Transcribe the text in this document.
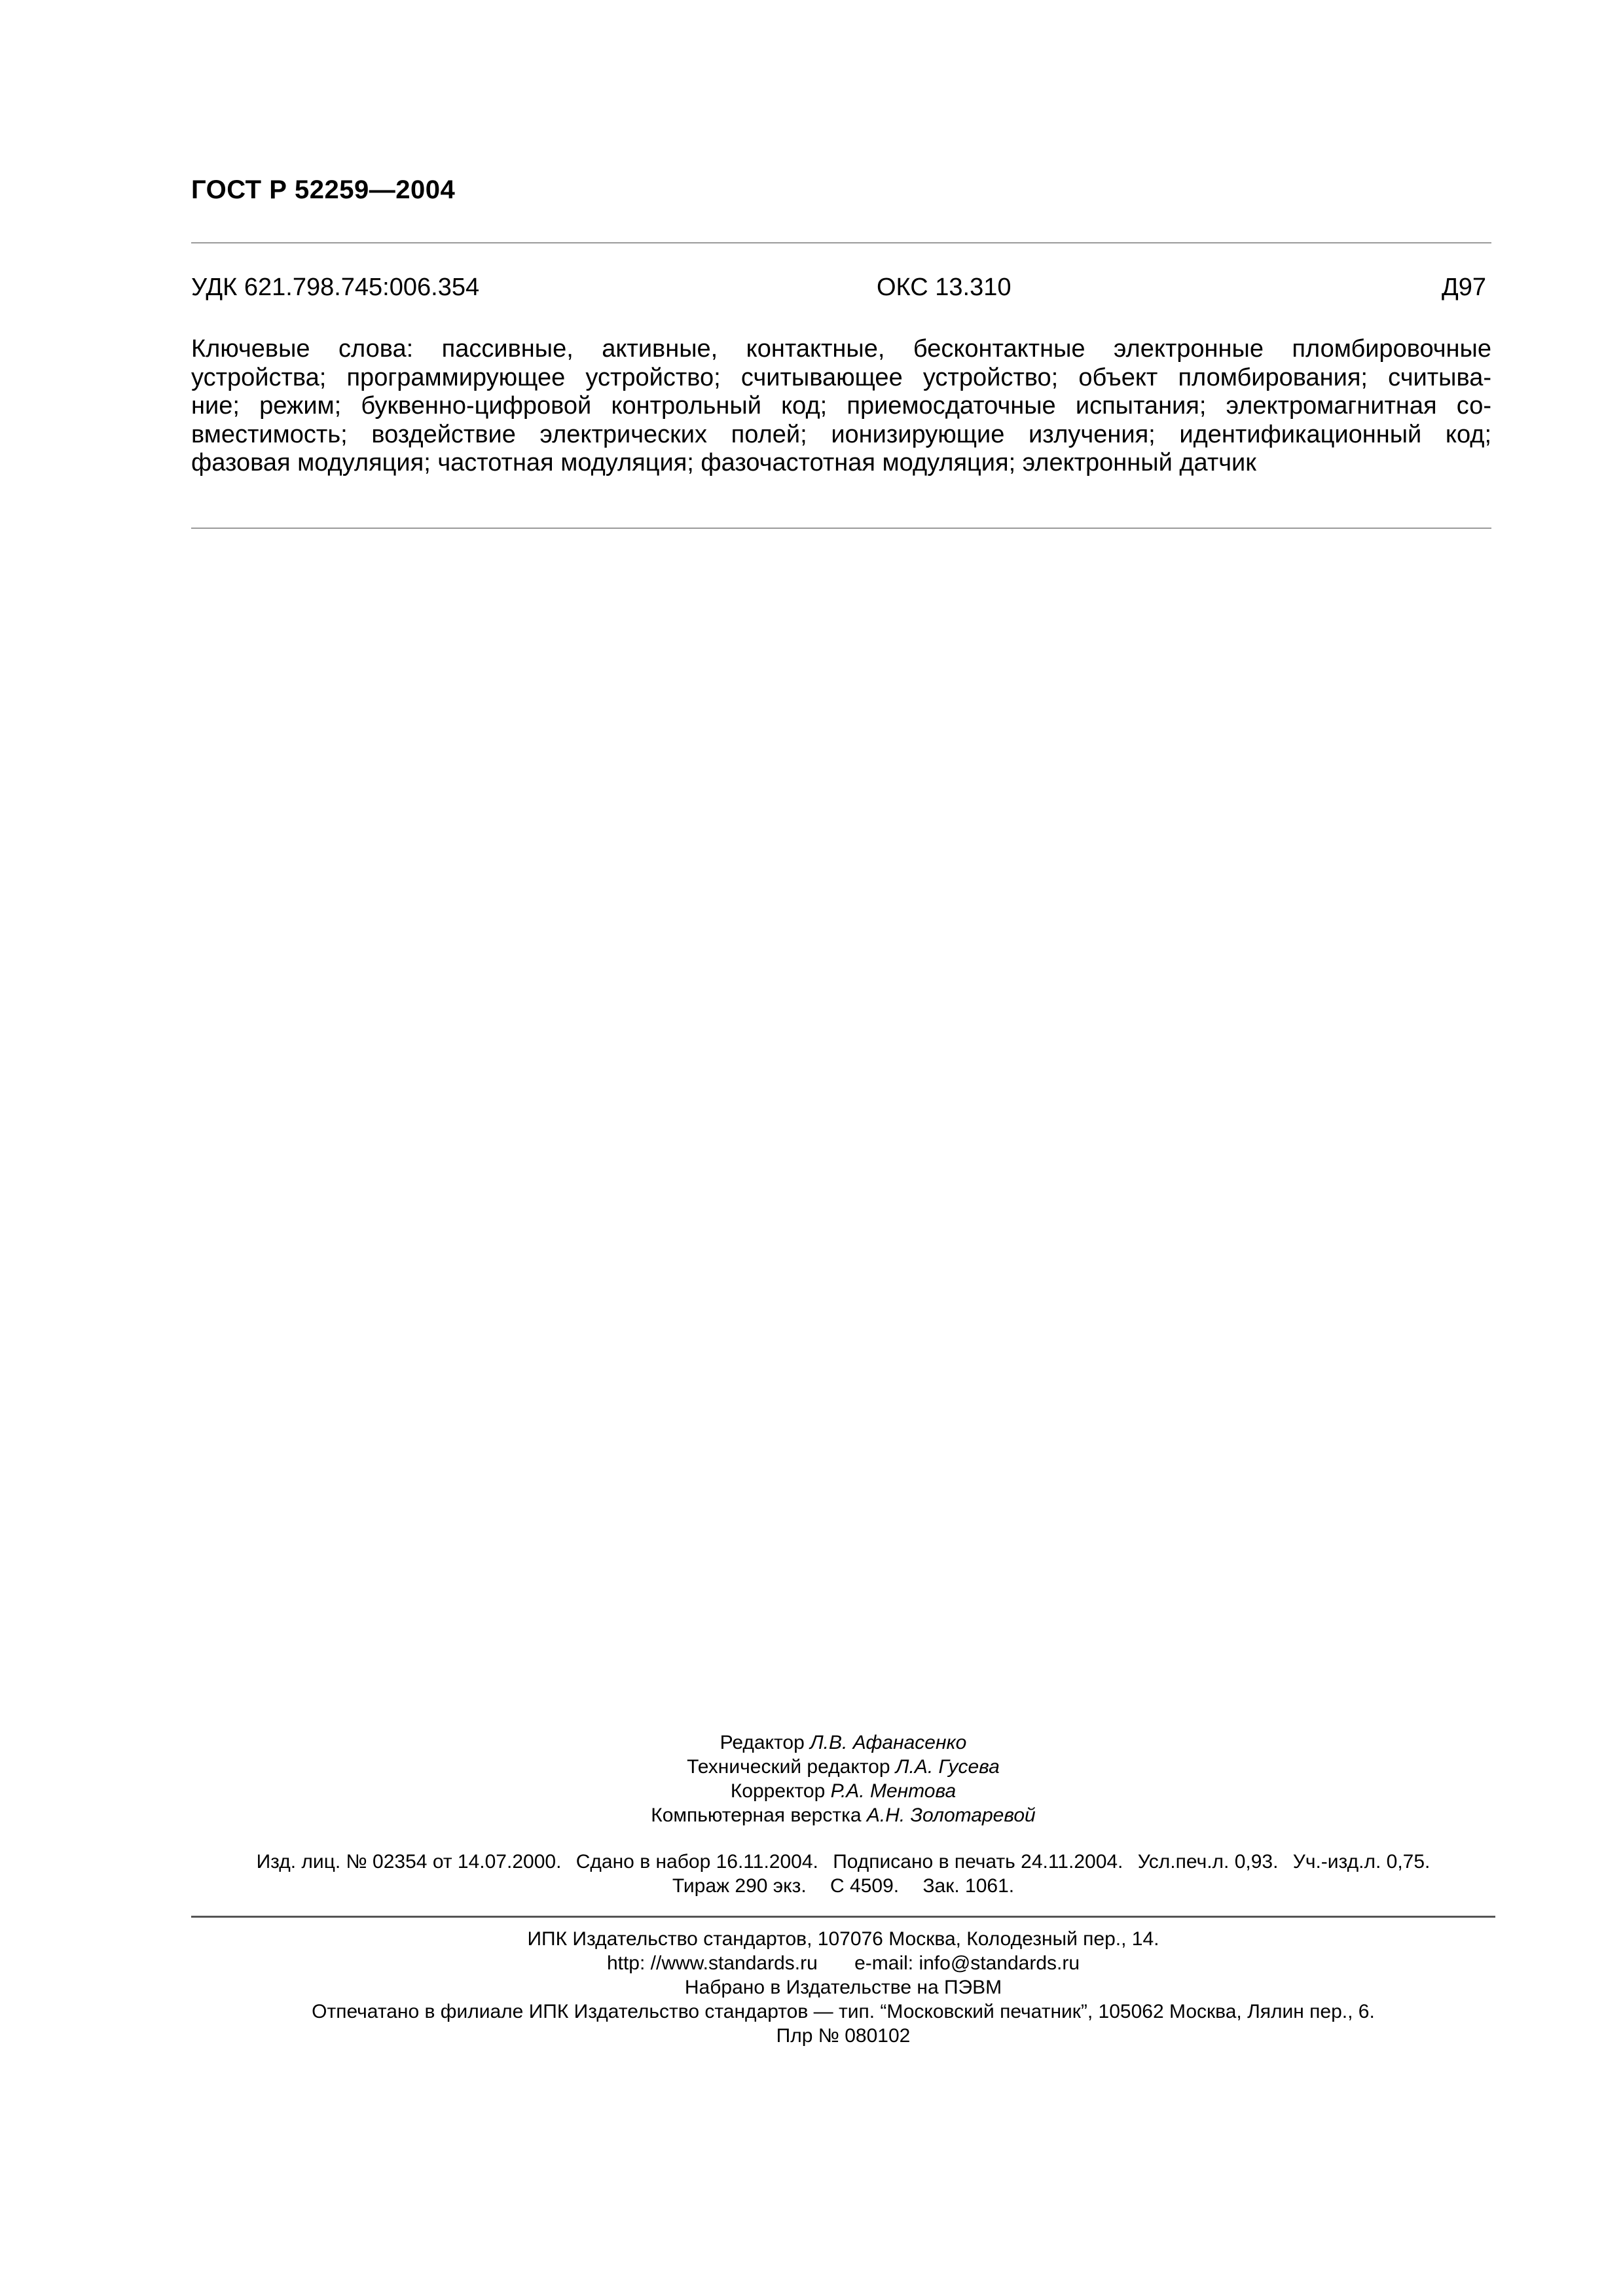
ГОСТ Р 52259—2004
УДК 621.798.745:006.354	ОКС 13.310	Д97
Ключевые слова: пассивные, активные, контактные, бесконтактные электронные пломбировочные
устройства; программирующее устройство; считывающее устройство; объект пломбирования; считыва-
ние; режим; буквенно-цифровой контрольный код; приемосдаточные испытания; электромагнитная со-
вместимость; воздействие электрических полей; ионизирующие излучения; идентификационный код;
фазовая модуляция; частотная модуляция; фазочастотная модуляция; электронный датчик
Редактор Л.В. Афанасенко
Технический редактор Л.А. Гусева
Корректор Р.А. Ментова
Компьютерная верстка А.Н. Золотаревой
Изд. лиц. № 02354 от 14.07.2000. Сдано в набор 16.11.2004. Подписано в печать 24.11.2004. Усл.печ.л. 0,93. Уч.-изд.л. 0,75.
Тираж 290 экз. С 4509. Зак. 1061.
ИПК Издательство стандартов, 107076 Москва, Колодезный пер., 14.
http: //www.standards.ru e-mail: info@standards.ru
Набрано в Издательстве на ПЭВМ
Отпечатано в филиале ИПК Издательство стандартов — тип. “Московский печатник”, 105062 Москва, Лялин пер., 6.
Плр № 080102
